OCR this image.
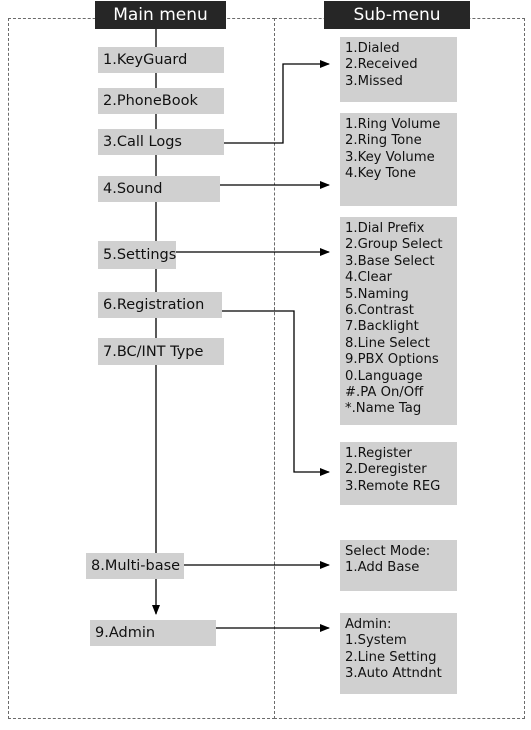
Main menu	Sub-menu
1.KeyGuard
2.PhoneBook
3.Call Logs
4.Sound
5.Settings
6.Registration
7.BC/INT Type
8.Multi-base
9.Admin
1.Dialed
2.Received
3.Missed
1.Ring Volume
2.Ring Tone
3.Key Volume
4.Key Tone
1.Dial Prefix
2.Group Select
3.Base Select
4.Clear
5.Naming
6.Contrast
7.Backlight
8.Line Select
9.PBX Options
0.Language
#.PA On/Off
*.Name Tag
1.Register
2.Deregister
3.Remote REG
Select Mode:
1.Add Base
Admin:
1.System
2.Line Setting
3.Auto Attndnt
